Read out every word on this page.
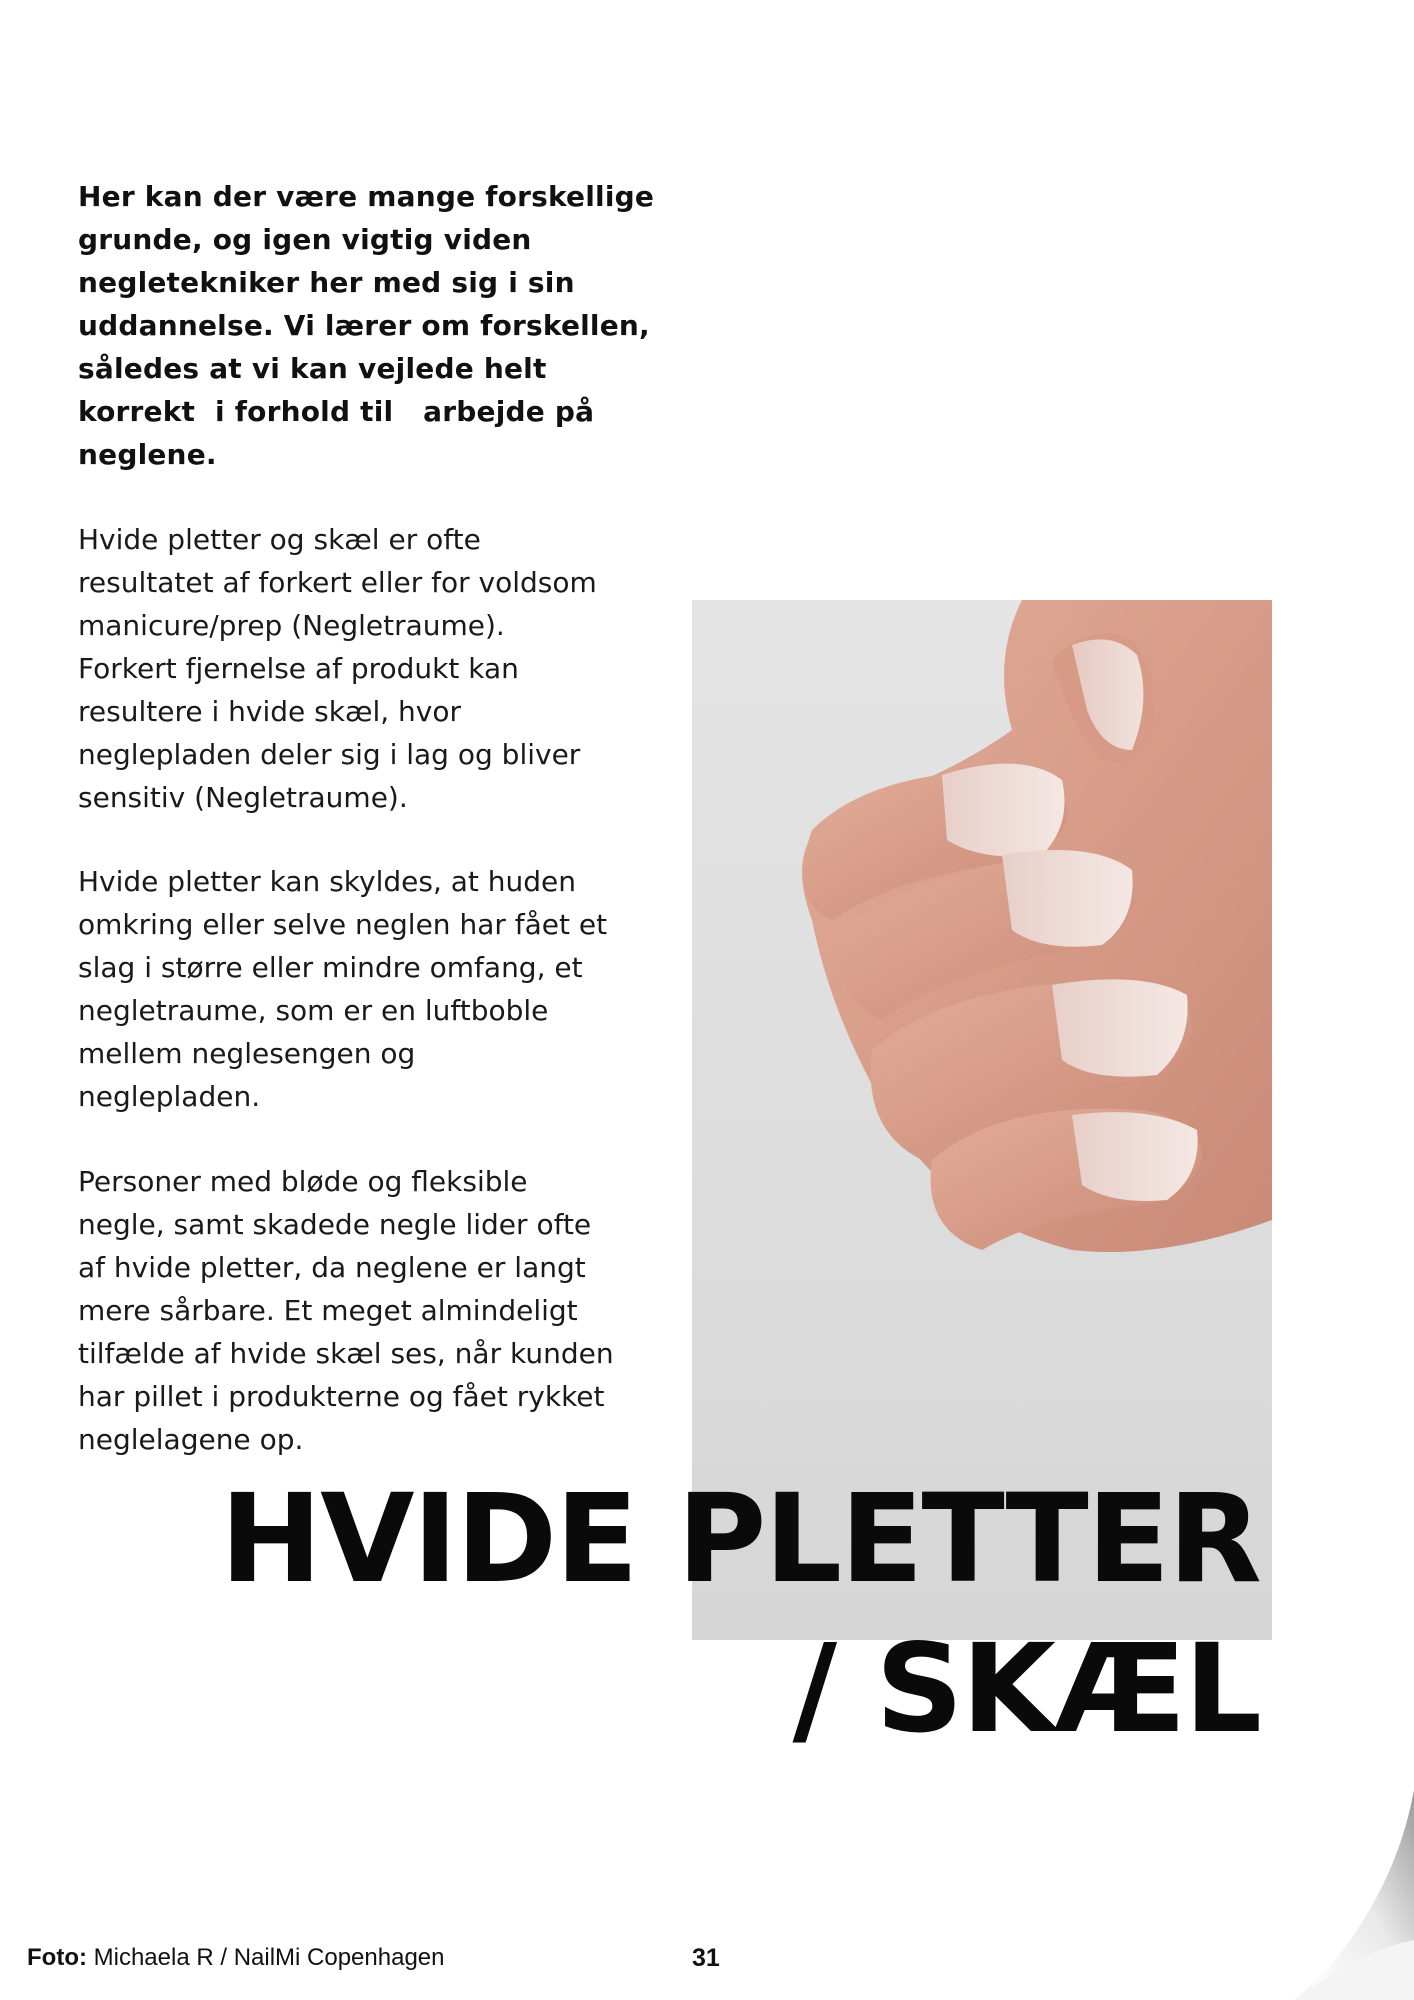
Her kan der være mange forskellige
grunde, og igen vigtig viden
negletekniker her med sig i sin
uddannelse. Vi lærer om forskellen,
således at vi kan vejlede helt
korrekt  i forhold til   arbejde på
neglene.

Hvide pletter og skæl er ofte
resultatet af forkert eller for voldsom
manicure/prep (Negletraume).
Forkert fjernelse af produkt kan
resultere i hvide skæl, hvor
neglepladen deler sig i lag og bliver
sensitiv (Negletraume).

Hvide pletter kan skyldes, at huden
omkring eller selve neglen har fået et
slag i større eller mindre omfang, et
negletraume, som er en luftboble
mellem neglesengen og
neglepladen.

Personer med bløde og fleksible
negle, samt skadede negle lider ofte
af hvide pletter, da neglene er langt
mere sårbare. Et meget almindeligt
tilfælde af hvide skæl ses, når kunden
har pillet i produkterne og fået rykket
neglelagene op.

HVIDE PLETTER
/ SKÆL
Foto: Michaela R / NailMi Copenhagen	31
